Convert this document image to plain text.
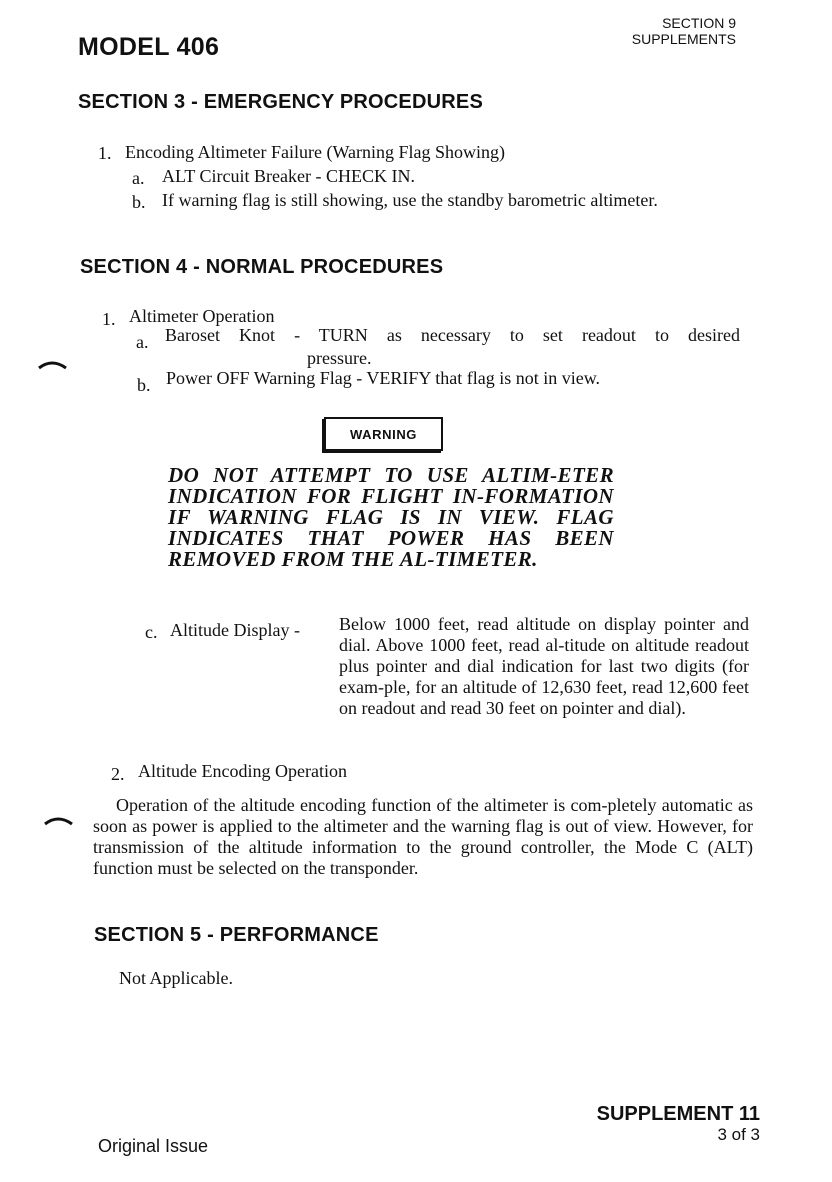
MODEL 406
SECTION 9
SUPPLEMENTS
SECTION 3 - EMERGENCY PROCEDURES
1. Encoding Altimeter Failure (Warning Flag Showing)
a. ALT Circuit Breaker - CHECK IN.
b. If warning flag is still showing, use the standby barometric altimeter.
SECTION 4 - NORMAL PROCEDURES
1. Altimeter Operation
a. Baroset Knot - TURN as necessary to set readout to desired
pressure.
b. Power OFF Warning Flag - VERIFY that flag is not in view.
WARNING
DO NOT ATTEMPT TO USE ALTIM-ETER INDICATION FOR FLIGHT IN-FORMATION IF WARNING FLAG IS IN VIEW. FLAG INDICATES THAT POWER HAS BEEN REMOVED FROM THE AL-TIMETER.
c. Altitude Display - Below 1000 feet, read altitude on display pointer and dial. Above 1000 feet, read al-titude on altitude readout plus pointer and dial indication for last two digits (for exam-ple, for an altitude of 12,630 feet, read 12,600 feet on readout and read 30 feet on pointer and dial).
2. Altitude Encoding Operation
Operation of the altitude encoding function of the altimeter is com-pletely automatic as soon as power is applied to the altimeter and the warning flag is out of view. However, for transmission of the altitude information to the ground controller, the Mode C (ALT) function must be selected on the transponder.
SECTION 5 - PERFORMANCE
Not Applicable.
SUPPLEMENT 11
3 of 3
Original Issue
